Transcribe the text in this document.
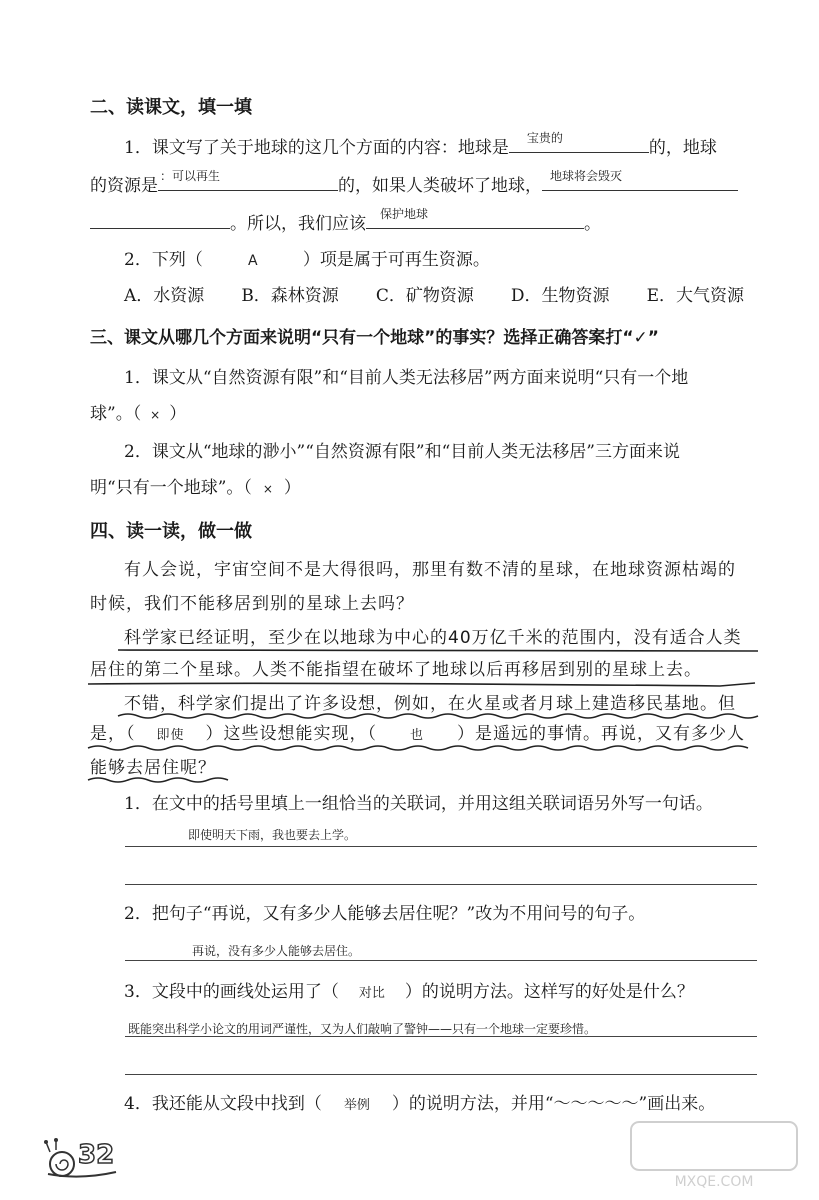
二、读课文，填一填
1．课文写了关于地球的这几个方面的内容：地球是 宝贵的	的，地球
的资源是 ：可以再生	的，如果人类破坏了地球， 地球将会毁灭
。所以，我们应该 保护地球	。
2．下列（	A	）项是属于可再生资源。
A．水资源 B．森林资源 C．矿物资源 D．生物资源 E．大气资源
三、课文从哪几个方面来说明“只有一个地球”的事实？选择正确答案打“✓”
1．课文从“自然资源有限”和“目前人类无法移居”两方面来说明“只有一个地
球”。（ × ）
2．课文从“地球的渺小”“自然资源有限”和“目前人类无法移居”三方面来说
明“只有一个地球”。（ × ）
四、读一读，做一做
有人会说，宇宙空间不是大得很吗，那里有数不清的星球，在地球资源枯竭的
时候，我们不能移居到别的星球上去吗？
科学家已经证明，至少在以地球为中心的40万亿千米的范围内，没有适合人类
居住的第二个星球。人类不能指望在破坏了地球以后再移居到别的星球上去。
不错，科学家们提出了许多设想，例如，在火星或者月球上建造移民基地。但
是，（ 即使 ）这些设想能实现，（	也 ）是遥远的事情。再说，又有多少人
能够去居住呢？
1．在文中的括号里填上一组恰当的关联词，并用这组关联词语另外写一句话。
即使明天下雨，我也要去上学。
2．把句子“再说，又有多少人能够去居住呢？”改为不用问号的句子。
再说，没有多少人能够去居住。
3．文段中的画线处运用了（ 对比 ）的说明方法。这样写的好处是什么？
既能突出科学小论文的用词严谨性，又为人们敲响了警钟——只有一个地球一定要珍惜。
4．我还能从文段中找到（ 举例 ）的说明方法，并用“～～～～～”画出来。
32
MXQE.COM
